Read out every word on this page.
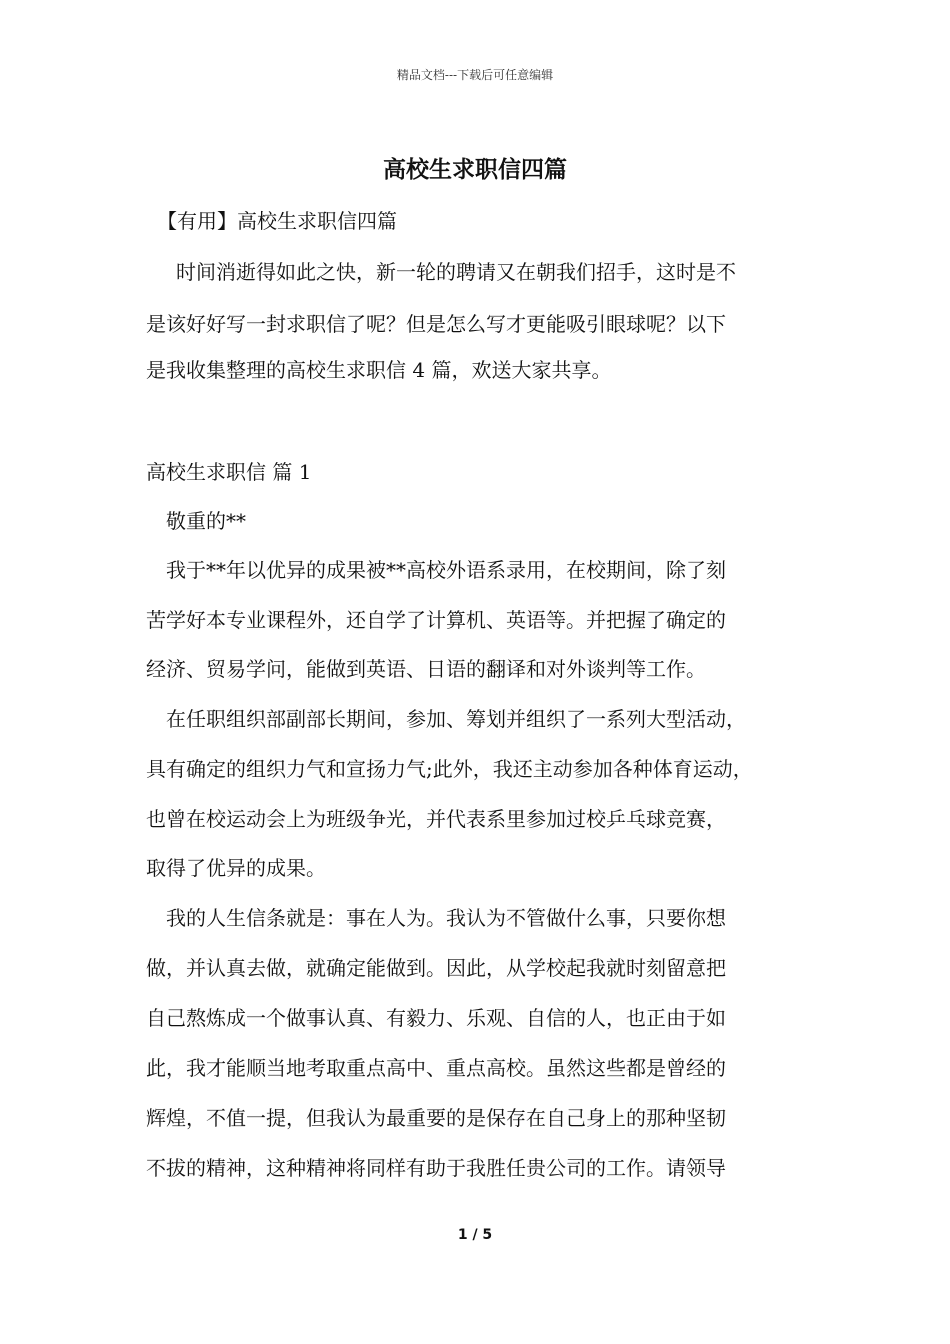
精品文档---下载后可任意编辑
高校生求职信四篇
【有用】高校生求职信四篇
时间消逝得如此之快，新一轮的聘请又在朝我们招手，这时是不
是该好好写一封求职信了呢？但是怎么写才更能吸引眼球呢？以下
是我收集整理的高校生求职信 4 篇，欢送大家共享。
高校生求职信 篇 1
敬重的**
我于**年以优异的成果被**高校外语系录用，在校期间，除了刻
苦学好本专业课程外，还自学了计算机、英语等。并把握了确定的
经济、贸易学问，能做到英语、日语的翻译和对外谈判等工作。
在任职组织部副部长期间，参加、筹划并组织了一系列大型活动，
具有确定的组织力气和宣扬力气;此外，我还主动参加各种体育运动，
也曾在校运动会上为班级争光，并代表系里参加过校乒乓球竞赛，
取得了优异的成果。
我的人生信条就是：事在人为。我认为不管做什么事，只要你想
做，并认真去做，就确定能做到。因此，从学校起我就时刻留意把
自己熬炼成一个做事认真、有毅力、乐观、自信的人，也正由于如
此，我才能顺当地考取重点高中、重点高校。虽然这些都是曾经的
辉煌，不值一提，但我认为最重要的是保存在自己身上的那种坚韧
不拔的精神，这种精神将同样有助于我胜任贵公司的工作。请领导
1 / 5
